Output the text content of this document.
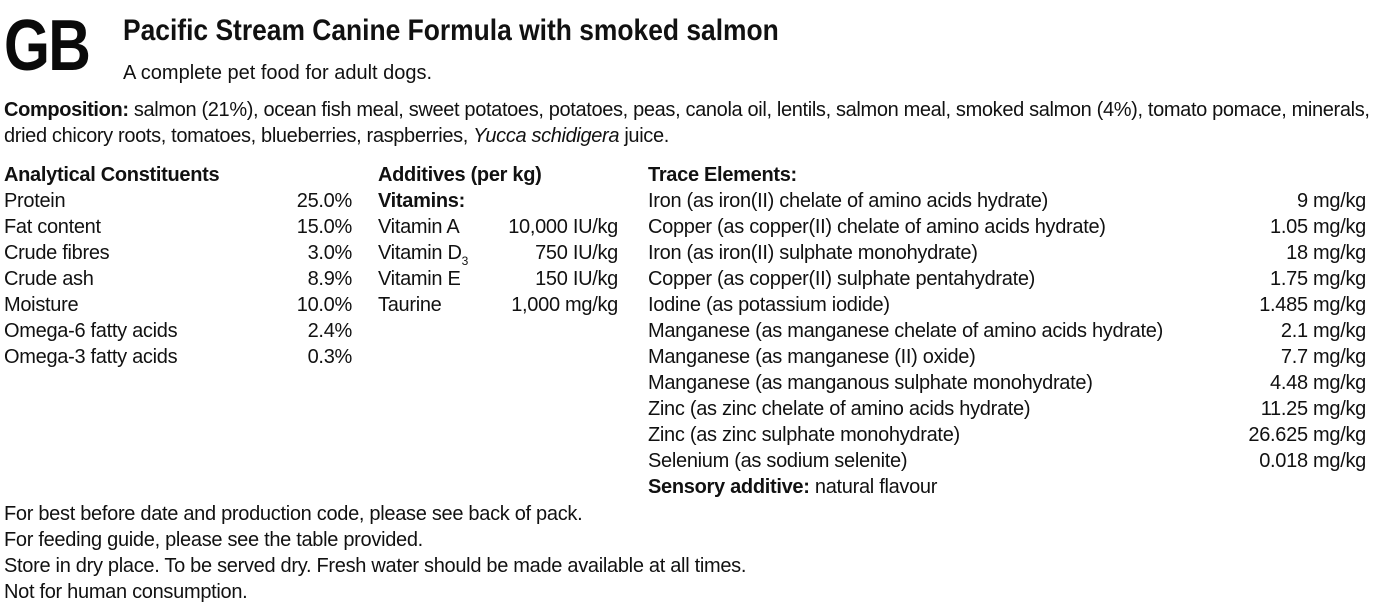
GB Pacific Stream Canine Formula with smoked salmon
A complete pet food for adult dogs.
Composition: salmon (21%), ocean fish meal, sweet potatoes, potatoes, peas, canola oil, lentils, salmon meal, smoked salmon (4%), tomato pomace, minerals, dried chicory roots, tomatoes, blueberries, raspberries, Yucca schidigera juice.
Analytical Constituents
Protein	25.0%
Fat content	15.0%
Crude fibres	3.0%
Crude ash	8.9%
Moisture	10.0%
Omega-6 fatty acids	2.4%
Omega-3 fatty acids	0.3%
Additives (per kg)
Vitamins:
Vitamin A 10,000 IU/kg
Vitamin $D_3$	750 IU/kg
Vitamin E	150 IU/kg
Taurine	1,000 mg/kg
Trace Elements:
Iron (as iron(II) chelate of amino acids hydrate)	9 mg/kg
Copper (as copper(II) chelate of amino acids hydrate)	1.05 mg/kg
Iron (as iron(II) sulphate monohydrate)	18 mg/kg
Copper (as copper(II) sulphate pentahydrate)	1.75 mg/kg
Iodine (as potassium iodide)	1.485 mg/kg
Manganese (as manganese chelate of amino acids hydrate)	2.1 mg/kg
Manganese (as manganese (II) oxide)	7.7 mg/kg
Manganese (as manganous sulphate monohydrate)	4.48 mg/kg
Zinc (as zinc chelate of amino acids hydrate)	11.25 mg/kg
Zinc (as zinc sulphate monohydrate)	26.625 mg/kg
Selenium (as sodium selenite)	0.018 mg/kg
Sensory additive: natural flavour
For best before date and production code, please see back of pack.
For feeding guide, please see the table provided.
Store in dry place. To be served dry. Fresh water should be made available at all times.
Not for human consumption.
